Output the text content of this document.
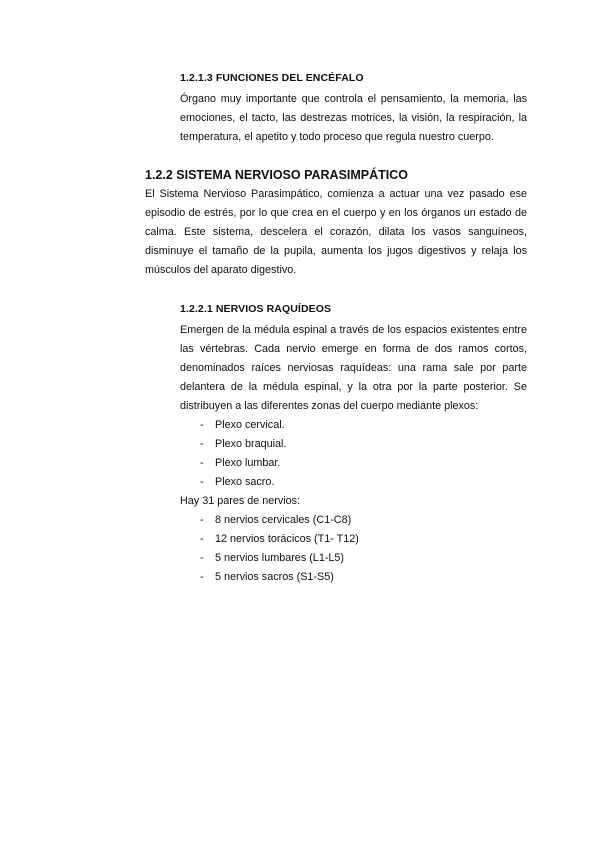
1.2.1.3 FUNCIONES DEL ENCÉFALO

Órgano muy importante que controla el pensamiento, la memoria, las emociones, el tacto, las destrezas motrices, la visión, la respiración, la temperatura, el apetito y todo proceso que regula nuestro cuerpo.

1.2.2 SISTEMA NERVIOSO PARASIMPÁTICO

El Sistema Nervioso Parasimpático, comienza a actuar una vez pasado ese episodio de estrés, por lo que crea en el cuerpo y en los órganos un estado de calma. Este sistema, descelera el corazón, dilata los vasos sanguíneos, disminuye el tamaño de la pupila, aumenta los jugos digestivos y relaja los músculos del aparato digestivo.

1.2.2.1 NERVIOS RAQUÍDEOS

Emergen de la médula espinal a través de los espacios existentes entre las vértebras. Cada nervio emerge en forma de dos ramos cortos, denominados raíces nerviosas raquídeas: una rama sale por parte delantera de la médula espinal, y la otra por la parte posterior. Se distribuyen a las diferentes zonas del cuerpo mediante plexos:

- Plexo cervical.
- Plexo braquial.
- Plexo lumbar.
- Plexo sacro.

Hay 31 pares de nervios:

- 8 nervios cervicales (C1-C8)
- 12 nervios torácicos (T1- T12)
- 5 nervios lumbares (L1-L5)
- 5 nervios sacros (S1-S5)
